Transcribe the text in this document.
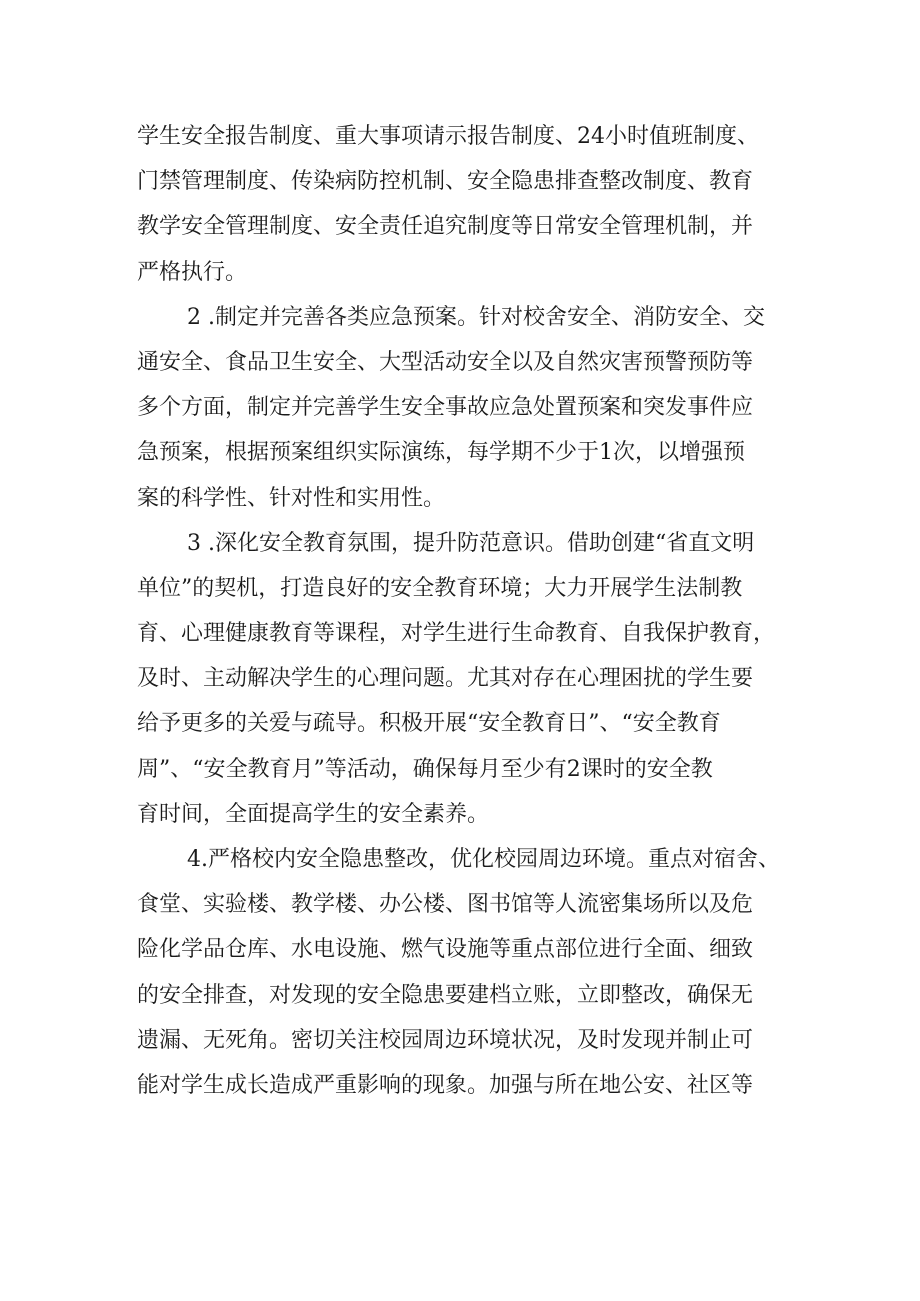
学生安全报告制度、重大事项请示报告制度、24小时值班制度、
门禁管理制度、传染病防控机制、安全隐患排查整改制度、教育
教学安全管理制度、安全责任追究制度等日常安全管理机制，并
严格执行。
2 .制定并完善各类应急预案。针对校舍安全、消防安全、交
通安全、食品卫生安全、大型活动安全以及自然灾害预警预防等
多个方面，制定并完善学生安全事故应急处置预案和突发事件应
急预案，根据预案组织实际演练，每学期不少于1次，以增强预
案的科学性、针对性和实用性。
3 .深化安全教育氛围，提升防范意识。借助创建“省直文明
单位”的契机，打造良好的安全教育环境；大力开展学生法制教
育、心理健康教育等课程，对学生进行生命教育、自我保护教育，
及时、主动解决学生的心理问题。尤其对存在心理困扰的学生要
给予更多的关爱与疏导。积极开展“安全教育日”、“安全教育
周”、“安全教育月”等活动，确保每月至少有2课时的安全教
育时间，全面提高学生的安全素养。
4.严格校内安全隐患整改，优化校园周边环境。重点对宿舍、
食堂、实验楼、教学楼、办公楼、图书馆等人流密集场所以及危
险化学品仓库、水电设施、燃气设施等重点部位进行全面、细致
的安全排查，对发现的安全隐患要建档立账，立即整改，确保无
遗漏、无死角。密切关注校园周边环境状况，及时发现并制止可
能对学生成长造成严重影响的现象。加强与所在地公安、社区等
